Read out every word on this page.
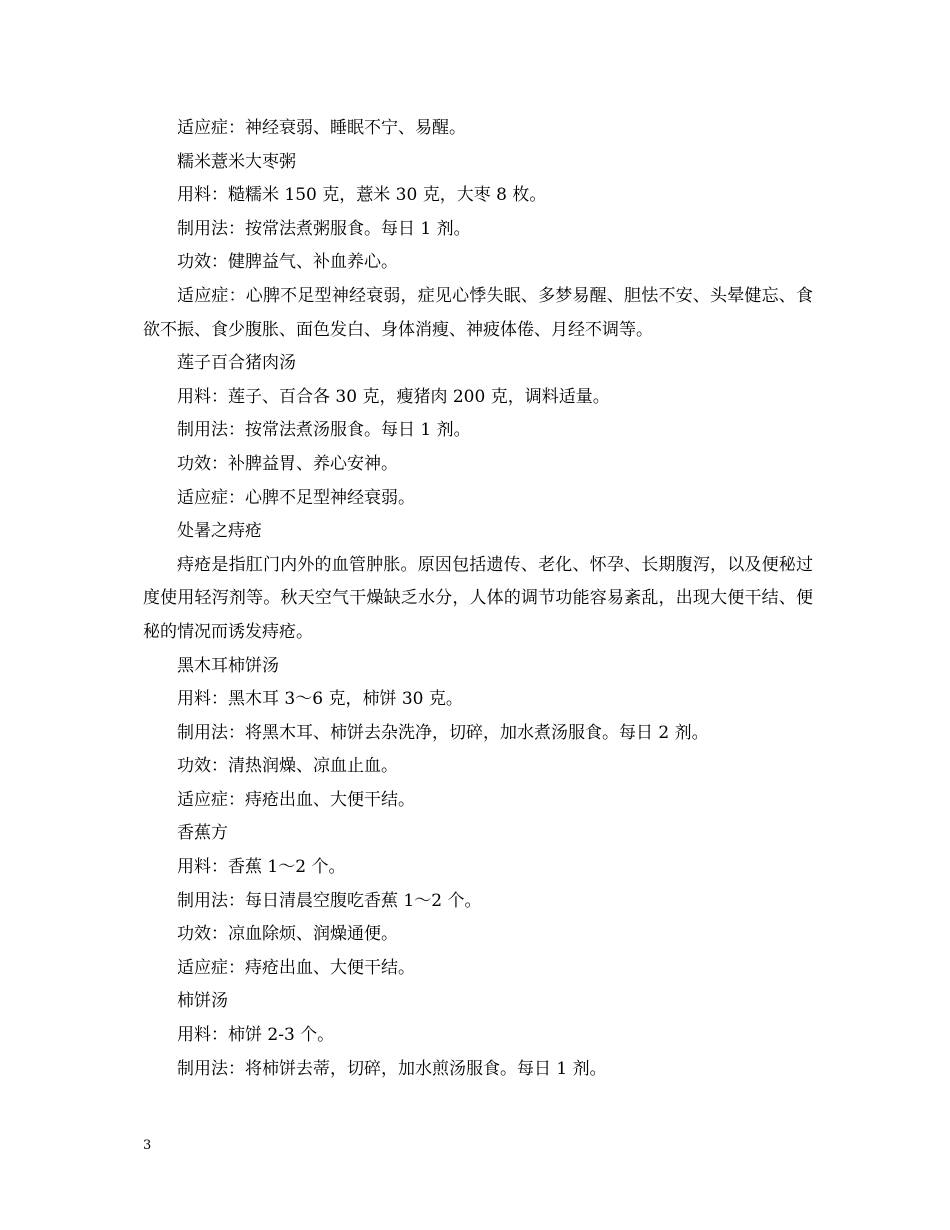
适应症：神经衰弱、睡眠不宁、易醒。

糯米薏米大枣粥

用料：糙糯米 150 克，薏米 30 克，大枣 8 枚。

制用法：按常法煮粥服食。每日 1 剂。

功效：健脾益气、补血养心。

适应症：心脾不足型神经衰弱，症见心悸失眠、多梦易醒、胆怯不安、头晕健忘、食欲不振、食少腹胀、面色发白、身体消瘦、神疲体倦、月经不调等。

莲子百合猪肉汤

用料：莲子、百合各 30 克，瘦猪肉 200 克，调料适量。

制用法：按常法煮汤服食。每日 1 剂。

功效：补脾益胃、养心安神。

适应症：心脾不足型神经衰弱。

处暑之痔疮

痔疮是指肛门内外的血管肿胀。原因包括遗传、老化、怀孕、长期腹泻，以及便秘过度使用轻泻剂等。秋天空气干燥缺乏水分，人体的调节功能容易紊乱，出现大便干结、便秘的情况而诱发痔疮。

黑木耳柿饼汤

用料：黑木耳 3～6 克，柿饼 30 克。

制用法：将黑木耳、柿饼去杂洗净，切碎，加水煮汤服食。每日 2 剂。

功效：清热润燥、凉血止血。

适应症：痔疮出血、大便干结。

香蕉方

用料：香蕉 1～2 个。

制用法：每日清晨空腹吃香蕉 1～2 个。

功效：凉血除烦、润燥通便。

适应症：痔疮出血、大便干结。

柿饼汤

用料：柿饼 2-3 个。

制用法：将柿饼去蒂，切碎，加水煎汤服食。每日 1 剂。

3
